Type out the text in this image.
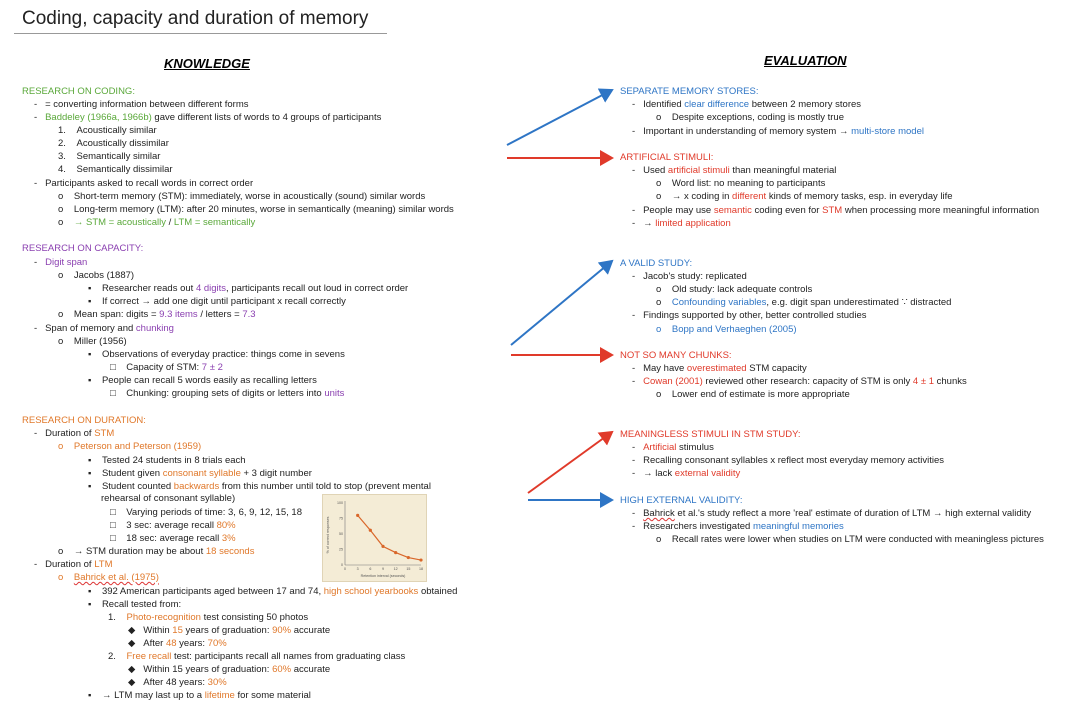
Coding, capacity and duration of memory
KNOWLEDGE	EVALUATION
RESEARCH ON CODING:
-   = converting information between different forms
-   Baddeley (1966a, 1966b) gave different lists of words to 4 groups of participants
1.    Acoustically similar
2.    Acoustically dissimilar
3.    Semantically similar
4.    Semantically dissimilar
-   Participants asked to recall words in correct order
o    Short-term memory (STM): immediately, worse in acoustically (sound) similar words
o    Long-term memory (LTM): after 20 minutes, worse in semantically (meaning) similar words
o    → STM = acoustically / LTM = semantically
RESEARCH ON CAPACITY:
-   Digit span
o    Jacobs (1887)
▪    Researcher reads out 4 digits, participants recall out loud in correct order
▪    If correct → add one digit until participant x recall correctly
o    Mean span: digits = 9.3 items / letters = 7.3
-   Span of memory and chunking
o    Miller (1956)
▪    Observations of everyday practice: things come in sevens
□    Capacity of STM: 7 ± 2
▪    People can recall 5 words easily as recalling letters
□    Chunking: grouping sets of digits or letters into units
RESEARCH ON DURATION:
-   Duration of STM
o Peterson and Peterson (1959)
▪    Tested 24 students in 8 trials each
▪    Student given consonant syllable + 3 digit number
▪    Student counted backwards from this number until told to stop (prevent mental
rehearsal of consonant syllable)
□    Varying periods of time: 3, 6, 9, 12, 15, 18
□    3 sec: average recall 80%
□    18 sec: average recall 3%
o    → STM duration may be about 18 seconds
-   Duration of LTM
o Bahrick et al. (1975)
▪    392 American participants aged between 17 and 74, high school yearbooks obtained
▪    Recall tested from:
1.    Photo-recognition test consisting 50 photos
◆   Within 15 years of graduation: 90% accurate
◆   After 48 years: 70%
2.    Free recall test: participants recall all names from graduating class
◆   Within 15 years of graduation: 60% accurate
◆   After 48 years: 30%
▪    → LTM may last up to a lifetime for some material
% of correct responses
Retention interval (seconds)
100
75
50
25
0
0	3	6	9	12 15 18
SEPARATE MEMORY STORES:
-   Identified clear difference between 2 memory stores
o    Despite exceptions, coding is mostly true
-   Important in understanding of memory system → multi-store model
ARTIFICIAL STIMULI:
-   Used artificial stimuli than meaningful material
o    Word list: no meaning to participants
o    → x coding in different kinds of memory tasks, esp. in everyday life
-   People may use semantic coding even for STM when processing more meaningful information
-   → limited application
A VALID STUDY:
-   Jacob's study: replicated
o    Old study: lack adequate controls
o    Confounding variables, e.g. digit span underestimated ∵ distracted
-   Findings supported by other, better controlled studies
o Bopp and Verhaeghen (2005)
NOT SO MANY CHUNKS:
-   May have overestimated STM capacity
-   Cowan (2001) reviewed other research: capacity of STM is only 4 ± 1 chunks
o    Lower end of estimate is more appropriate
MEANINGLESS STIMULI IN STM STUDY:
-   Artificial stimulus
-   Recalling consonant syllables x reflect most everyday memory activities
-   → lack external validity
HIGH EXTERNAL VALIDITY:
-   Bahrick et al.'s study reflect a more 'real' estimate of duration of LTM → high external validity
-   Researchers investigated meaningful memories
o    Recall rates were lower when studies on LTM were conducted with meaningless pictures
